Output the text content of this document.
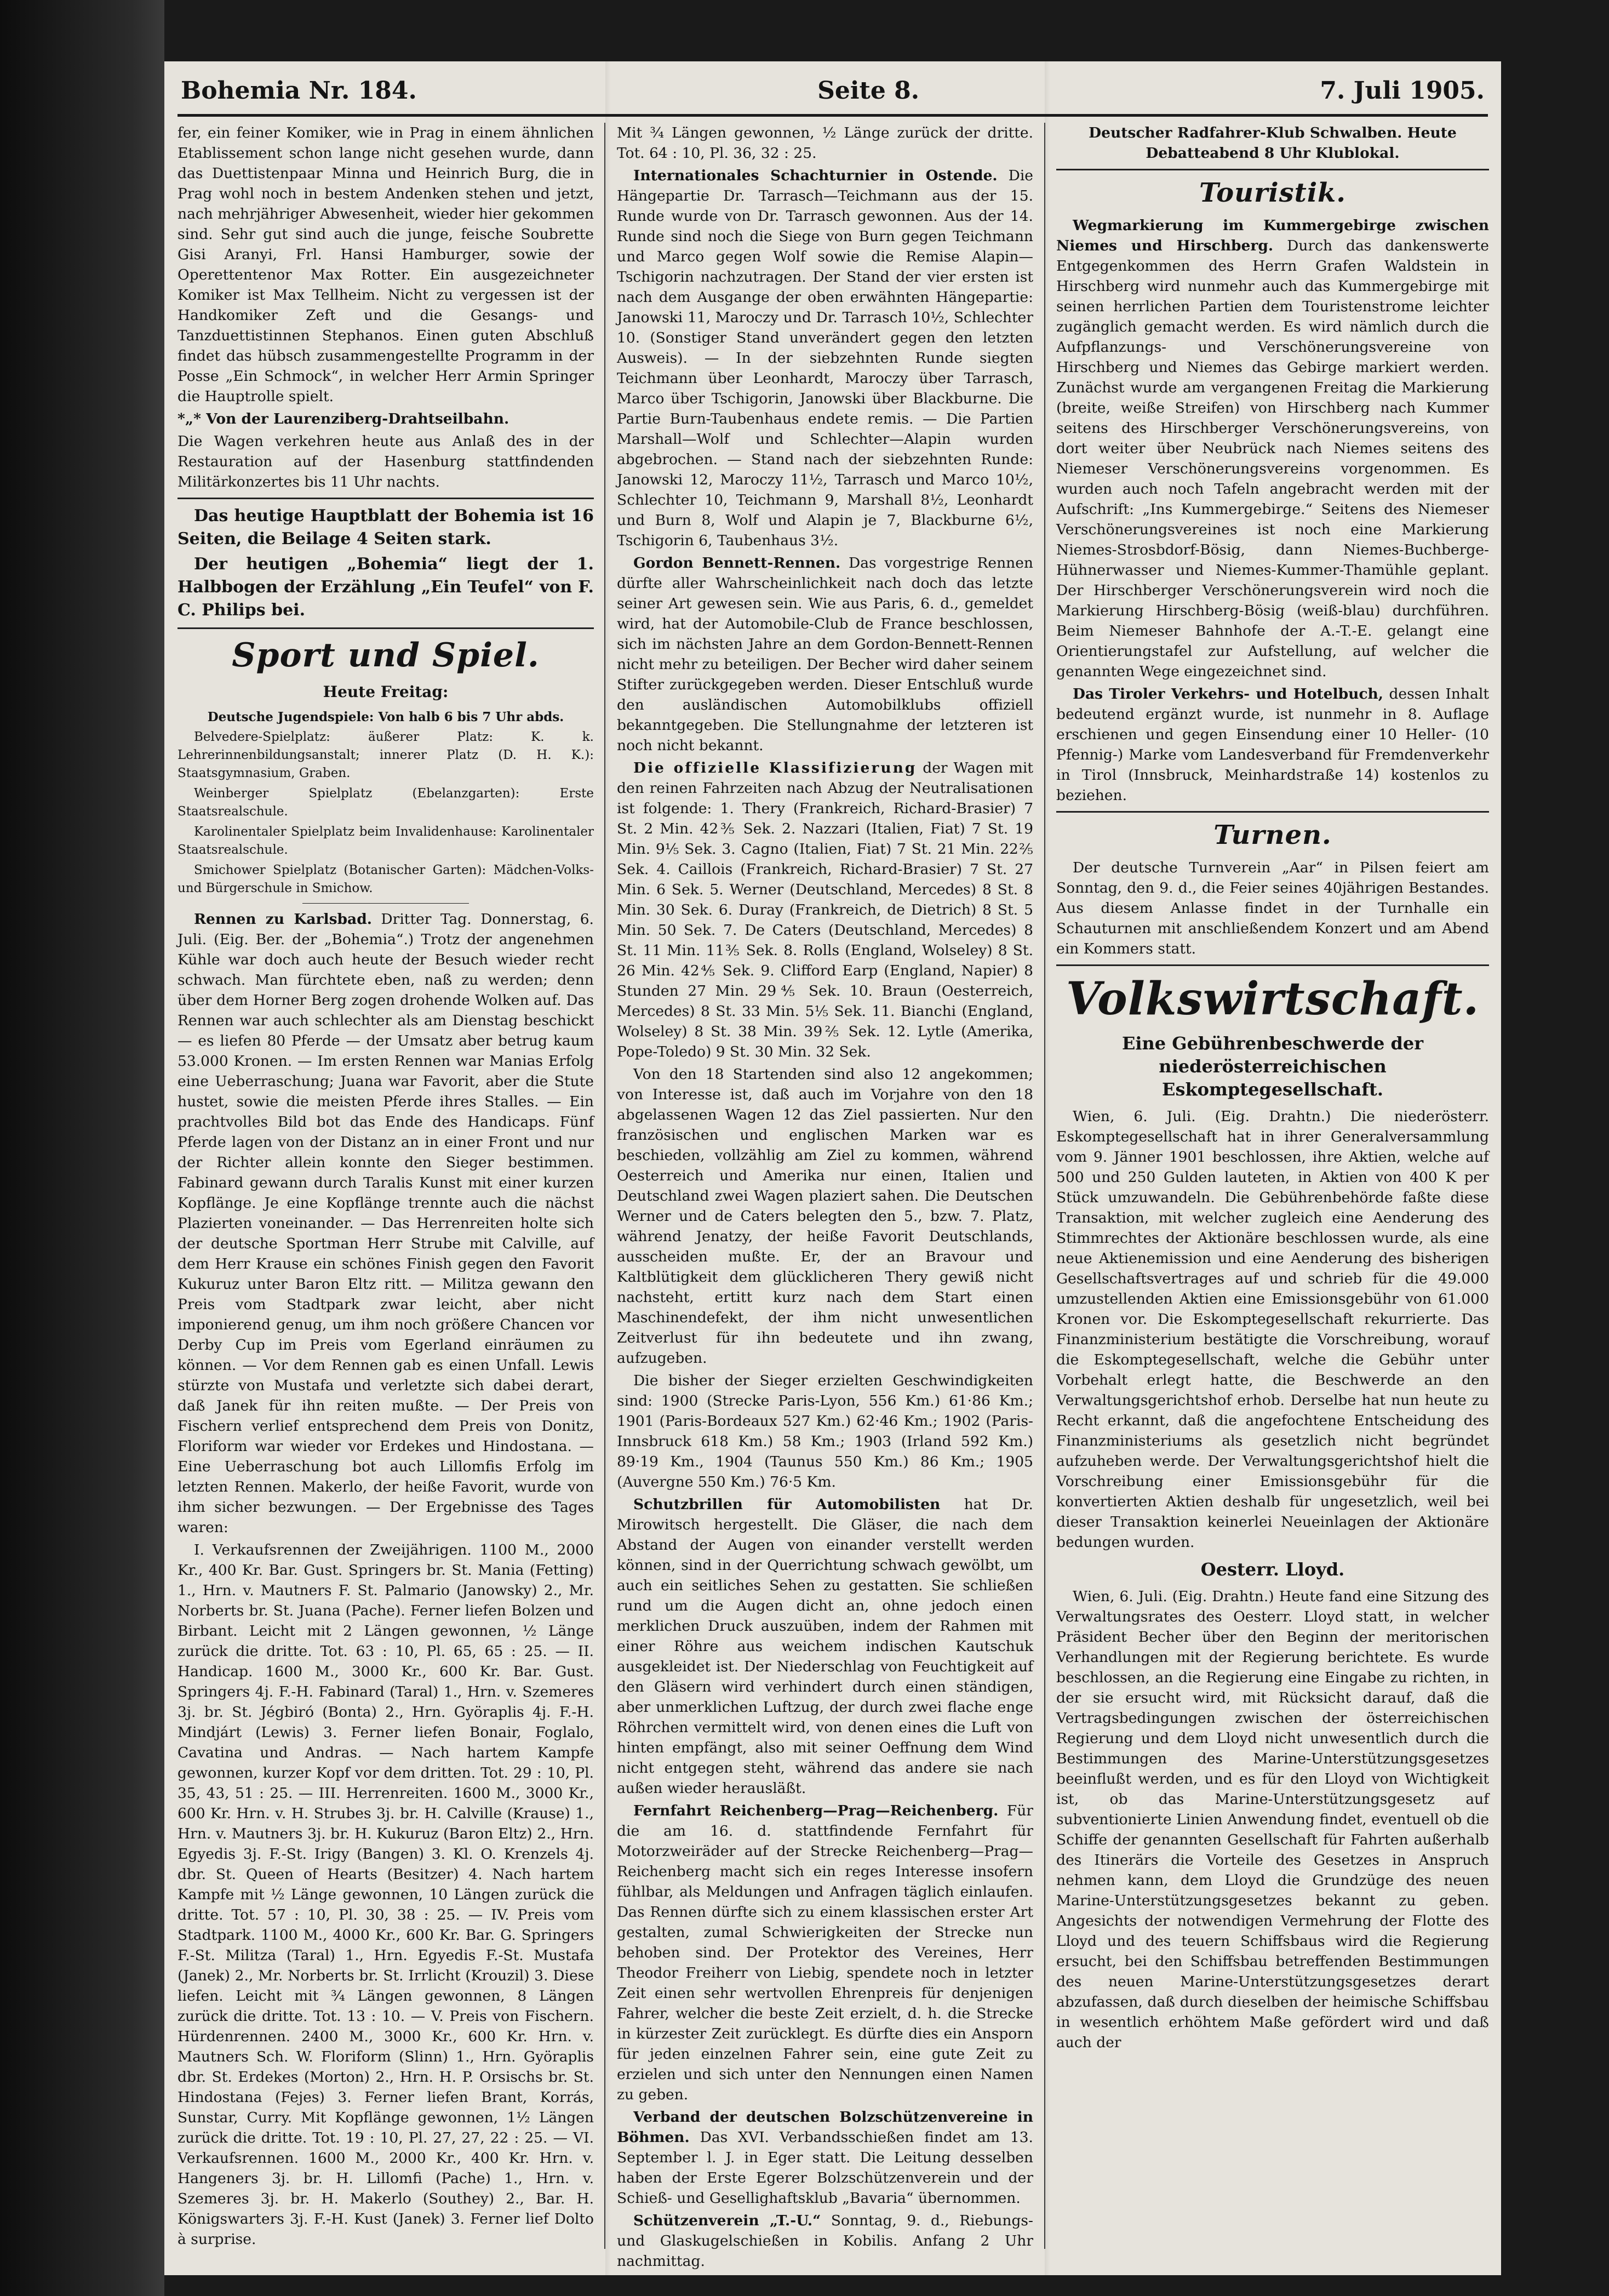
Bohemia Nr. 184.	Seite 8.	7. Juli 1905.

fer, ein feiner Komiker, wie in Prag in einem ähnlichen Etablissement schon lange nicht gesehen wurde, dann das Duettistenpaar Minna und Heinrich Burg, die in Prag wohl noch in bestem Andenken stehen und jetzt, nach mehrjähriger Abwesenheit, wieder hier gekommen sind. Sehr gut sind auch die junge, feische Soubrette Gisi Aranyi, Frl. Hansi Hamburger, sowie der Operettentenor Max Rotter. Ein ausgezeichneter Komiker ist Max Tellheim. Nicht zu vergessen ist der Handkomiker Zeft und die Gesangs- und Tanzduettistinnen Stephanos. Einen guten Abschluß findet das hübsch zusammengestellte Programm in der Posse „Ein Schmock“, in welcher Herr Armin Springer die Hauptrolle spielt.

*„* Von der Laurenziberg-Drahtseilbahn.

Die Wagen verkehren heute aus Anlaß des in der Restauration auf der Hasenburg stattfindenden Militärkonzertes bis 11 Uhr nachts.

Das heutige Hauptblatt der Bohemia ist 16 Seiten, die Beilage 4 Seiten stark.

Der heutigen „Bohemia“ liegt der 1. Halbbogen der Erzählung „Ein Teufel“ von F. C. Philips bei.

Sport und Spiel.
Heute Freitag:

Deutsche Jugendspiele: Von halb 6 bis 7 Uhr abds.

Belvedere-Spielplatz: äußerer Platz: K. k. Lehrerinnenbildungsanstalt; innerer Platz (D. H. K.): Staatsgymnasium, Graben.

Weinberger Spielplatz (Ebelanzgarten): Erste Staatsrealschule.

Karolinentaler Spielplatz beim Invalidenhause: Karolinentaler Staatsrealschule.

Smichower Spielplatz (Botanischer Garten): Mädchen-Volks- und Bürgerschule in Smichow.

Rennen zu Karlsbad. Dritter Tag. Donnerstag, 6. Juli. (Eig. Ber. der „Bohemia“.) Trotz der angenehmen Kühle war doch auch heute der Besuch wieder recht schwach. Man fürchtete eben, naß zu werden; denn über dem Horner Berg zogen drohende Wolken auf. Das Rennen war auch schlechter als am Dienstag beschickt — es liefen 80 Pferde — der Umsatz aber betrug kaum 53.000 Kronen. — Im ersten Rennen war Manias Erfolg eine Ueberraschung; Juana war Favorit, aber die Stute hustet, sowie die meisten Pferde ihres Stalles. — Ein prachtvolles Bild bot das Ende des Handicaps. Fünf Pferde lagen von der Distanz an in einer Front und nur der Richter allein konnte den Sieger bestimmen. Fabinard gewann durch Taralis Kunst mit einer kurzen Kopflänge. Je eine Kopflänge trennte auch die nächst Plazierten voneinander. — Das Herrenreiten holte sich der deutsche Sportman Herr Strube mit Calville, auf dem Herr Krause ein schönes Finish gegen den Favorit Kukuruz unter Baron Eltz ritt. — Militza gewann den Preis vom Stadtpark zwar leicht, aber nicht imponierend genug, um ihm noch größere Chancen vor Derby Cup im Preis vom Egerland einräumen zu können. — Vor dem Rennen gab es einen Unfall. Lewis stürzte von Mustafa und verletzte sich dabei derart, daß Janek für ihn reiten mußte. — Der Preis von Fischern verlief entsprechend dem Preis von Donitz, Floriform war wieder vor Erdekes und Hindostana. — Eine Ueberraschung bot auch Lillomfis Erfolg im letzten Rennen. Makerlo, der heiße Favorit, wurde von ihm sicher bezwungen. — Der Ergebnisse des Tages waren:

I. Verkaufsrennen der Zweijährigen. 1100 M., 2000 Kr., 400 Kr. Bar. Gust. Springers br. St. Mania (Fetting) 1., Hrn. v. Mautners F. St. Palmario (Janowsky) 2., Mr. Norberts br. St. Juana (Pache). Ferner liefen Bolzen und Birbant. Leicht mit 2 Längen gewonnen, ½ Länge zurück die dritte. Tot. 63 : 10, Pl. 65, 65 : 25. — II. Handicap. 1600 M., 3000 Kr., 600 Kr. Bar. Gust. Springers 4j. F.-H. Fabinard (Taral) 1., Hrn. v. Szemeres 3j. br. St. Jégbiró (Bonta) 2., Hrn. Györaplis 4j. F.-H. Mindjárt (Lewis) 3. Ferner liefen Bonair, Foglalo, Cavatina und Andras. — Nach hartem Kampfe gewonnen, kurzer Kopf vor dem dritten. Tot. 29 : 10, Pl. 35, 43, 51 : 25. — III. Herrenreiten. 1600 M., 3000 Kr., 600 Kr. Hrn. v. H. Strubes 3j. br. H. Calville (Krause) 1., Hrn. v. Mautners 3j. br. H. Kukuruz (Baron Eltz) 2., Hrn. Egyedis 3j. F.-St. Irigy (Bangen) 3. Kl. O. Krenzels 4j. dbr. St. Queen of Hearts (Besitzer) 4. Nach hartem Kampfe mit ½ Länge gewonnen, 10 Längen zurück die dritte. Tot. 57 : 10, Pl. 30, 38 : 25. — IV. Preis vom Stadtpark. 1100 M., 4000 Kr., 600 Kr. Bar. G. Springers F.-St. Militza (Taral) 1., Hrn. Egyedis F.-St. Mustafa (Janek) 2., Mr. Norberts br. St. Irrlicht (Krouzil) 3. Diese liefen. Leicht mit ¾ Längen gewonnen, 8 Längen zurück die dritte. Tot. 13 : 10. — V. Preis von Fischern. Hürdenrennen. 2400 M., 3000 Kr., 600 Kr. Hrn. v. Mautners Sch. W. Floriform (Slinn) 1., Hrn. Györaplis dbr. St. Erdekes (Morton) 2., Hrn. H. P. Orsischs br. St. Hindostana (Fejes) 3. Ferner liefen Brant, Korrás, Sunstar, Curry. Mit Kopflänge gewonnen, 1½ Längen zurück die dritte. Tot. 19 : 10, Pl. 27, 27, 22 : 25. — VI. Verkaufsrennen. 1600 M., 2000 Kr., 400 Kr. Hrn. v. Hangeners 3j. br. H. Lillomfi (Pache) 1., Hrn. v. Szemeres 3j. br. H. Makerlo (Southey) 2., Bar. H. Königswarters 3j. F.-H. Kust (Janek) 3. Ferner lief Dolto à surprise.

Mit ¾ Längen gewonnen, ½ Länge zurück der dritte. Tot. 64 : 10, Pl. 36, 32 : 25.

Internationales Schachturnier in Ostende. Die Hängepartie Dr. Tarrasch—Teichmann aus der 15. Runde wurde von Dr. Tarrasch gewonnen. Aus der 14. Runde sind noch die Siege von Burn gegen Teichmann und Marco gegen Wolf sowie die Remise Alapin—Tschigorin nachzutragen. Der Stand der vier ersten ist nach dem Ausgange der oben erwähnten Hängepartie: Janowski 11, Maroczy und Dr. Tarrasch 10½, Schlechter 10. (Sonstiger Stand unverändert gegen den letzten Ausweis). — In der siebzehnten Runde siegten Teichmann über Leonhardt, Maroczy über Tarrasch, Marco über Tschigorin, Janowski über Blackburne. Die Partie Burn-Taubenhaus endete remis. — Die Partien Marshall—Wolf und Schlechter—Alapin wurden abgebrochen. — Stand nach der siebzehnten Runde: Janowski 12, Maroczy 11½, Tarrasch und Marco 10½, Schlechter 10, Teichmann 9, Marshall 8½, Leonhardt und Burn 8, Wolf und Alapin je 7, Blackburne 6½, Tschigorin 6, Taubenhaus 3½.

Gordon Bennett-Rennen. Das vorgestrige Rennen dürfte aller Wahrscheinlichkeit nach doch das letzte seiner Art gewesen sein. Wie aus Paris, 6. d., gemeldet wird, hat der Automobile-Club de France beschlossen, sich im nächsten Jahre an dem Gordon-Bennett-Rennen nicht mehr zu beteiligen. Der Becher wird daher seinem Stifter zurückgegeben werden. Dieser Entschluß wurde den ausländischen Automobilklubs offiziell bekanntgegeben. Die Stellungnahme der letzteren ist noch nicht bekannt.

Die offizielle Klassifizierung der Wagen mit den reinen Fahrzeiten nach Abzug der Neutralisationen ist folgende: 1. Thery (Frankreich, Richard-Brasier) 7 St. 2 Min. 42⅗ Sek. 2. Nazzari (Italien, Fiat) 7 St. 19 Min. 9⅕ Sek. 3. Cagno (Italien, Fiat) 7 St. 21 Min. 22⅖ Sek. 4. Caillois (Frankreich, Richard-Brasier) 7 St. 27 Min. 6 Sek. 5. Werner (Deutschland, Mercedes) 8 St. 8 Min. 30 Sek. 6. Duray (Frankreich, de Dietrich) 8 St. 5 Min. 50 Sek. 7. De Caters (Deutschland, Mercedes) 8 St. 11 Min. 11⅗ Sek. 8. Rolls (England, Wolseley) 8 St. 26 Min. 42⅘ Sek. 9. Clifford Earp (England, Napier) 8 Stunden 27 Min. 29⅘ Sek. 10. Braun (Oesterreich, Mercedes) 8 St. 33 Min. 5⅕ Sek. 11. Bianchi (England, Wolseley) 8 St. 38 Min. 39⅖ Sek. 12. Lytle (Amerika, Pope-Toledo) 9 St. 30 Min. 32 Sek.

Von den 18 Startenden sind also 12 angekommen; von Interesse ist, daß auch im Vorjahre von den 18 abgelassenen Wagen 12 das Ziel passierten. Nur den französischen und englischen Marken war es beschieden, vollzählig am Ziel zu kommen, während Oesterreich und Amerika nur einen, Italien und Deutschland zwei Wagen plaziert sahen. Die Deutschen Werner und de Caters belegten den 5., bzw. 7. Platz, während Jenatzy, der heiße Favorit Deutschlands, ausscheiden mußte. Er, der an Bravour und Kaltblütigkeit dem glücklicheren Thery gewiß nicht nachsteht, ertitt kurz nach dem Start einen Maschinendefekt, der ihm nicht unwesentlichen Zeitverlust für ihn bedeutete und ihn zwang, aufzugeben.

Die bisher der Sieger erzielten Geschwindigkeiten sind: 1900 (Strecke Paris-Lyon, 556 Km.) 61·86 Km.; 1901 (Paris-Bordeaux 527 Km.) 62·46 Km.; 1902 (Paris-Innsbruck 618 Km.) 58 Km.; 1903 (Irland 592 Km.) 89·19 Km., 1904 (Taunus 550 Km.) 86 Km.; 1905 (Auvergne 550 Km.) 76·5 Km.

Schutzbrillen für Automobilisten hat Dr. Mirowitsch hergestellt. Die Gläser, die nach dem Abstand der Augen von einander verstellt werden können, sind in der Querrichtung schwach gewölbt, um auch ein seitliches Sehen zu gestatten. Sie schließen rund um die Augen dicht an, ohne jedoch einen merklichen Druck auszuüben, indem der Rahmen mit einer Röhre aus weichem indischen Kautschuk ausgekleidet ist. Der Niederschlag von Feuchtigkeit auf den Gläsern wird verhindert durch einen ständigen, aber unmerklichen Luftzug, der durch zwei flache enge Röhrchen vermittelt wird, von denen eines die Luft von hinten empfängt, also mit seiner Oeffnung dem Wind nicht entgegen steht, während das andere sie nach außen wieder herausläßt.

Fernfahrt Reichenberg—Prag—Reichenberg. Für die am 16. d. stattfindende Fernfahrt für Motorzweiräder auf der Strecke Reichenberg—Prag—Reichenberg macht sich ein reges Interesse insofern fühlbar, als Meldungen und Anfragen täglich einlaufen. Das Rennen dürfte sich zu einem klassischen erster Art gestalten, zumal Schwierigkeiten der Strecke nun behoben sind. Der Protektor des Vereines, Herr Theodor Freiherr von Liebig, spendete noch in letzter Zeit einen sehr wertvollen Ehrenpreis für denjenigen Fahrer, welcher die beste Zeit erzielt, d. h. die Strecke in kürzester Zeit zurücklegt. Es dürfte dies ein Ansporn für jeden einzelnen Fahrer sein, eine gute Zeit zu erzielen und sich unter den Nennungen einen Namen zu geben.

Verband der deutschen Bolzschützenvereine in Böhmen. Das XVI. Verbandsschießen findet am 13. September l. J. in Eger statt. Die Leitung desselben haben der Erste Egerer Bolzschützenverein und der Schieß- und Gesellighaftsklub „Bavaria“ übernommen.

Schützenverein „T.-U.“ Sonntag, 9. d., Riebungs- und Glaskugelschießen in Kobilis. Anfang 2 Uhr nachmittag.

Deutscher Radfahrer-Klub Schwalben. Heute Debatteabend 8 Uhr Klublokal.

Touristik.

Wegmarkierung im Kummergebirge zwischen Niemes und Hirschberg. Durch das dankenswerte Entgegenkommen des Herrn Grafen Waldstein in Hirschberg wird nunmehr auch das Kummergebirge mit seinen herrlichen Partien dem Touristenstrome leichter zugänglich gemacht werden. Es wird nämlich durch die Aufpflanzungs- und Verschönerungsvereine von Hirschberg und Niemes das Gebirge markiert werden. Zunächst wurde am vergangenen Freitag die Markierung (breite, weiße Streifen) von Hirschberg nach Kummer seitens des Hirschberger Verschönerungsvereins, von dort weiter über Neubrück nach Niemes seitens des Niemeser Verschönerungsvereins vorgenommen. Es wurden auch noch Tafeln angebracht werden mit der Aufschrift: „Ins Kummergebirge.“ Seitens des Niemeser Verschönerungsvereines ist noch eine Markierung Niemes-Strosbdorf-Bösig, dann Niemes-Buchberge-Hühnerwasser und Niemes-Kummer-Thamühle geplant. Der Hirschberger Verschönerungsverein wird noch die Markierung Hirschberg-Bösig (weiß-blau) durchführen. Beim Niemeser Bahnhofe der A.-T.-E. gelangt eine Orientierungstafel zur Aufstellung, auf welcher die genannten Wege eingezeichnet sind.

Das Tiroler Verkehrs- und Hotelbuch, dessen Inhalt bedeutend ergänzt wurde, ist nunmehr in 8. Auflage erschienen und gegen Einsendung einer 10 Heller- (10 Pfennig-) Marke vom Landesverband für Fremdenverkehr in Tirol (Innsbruck, Meinhardstraße 14) kostenlos zu beziehen.

Turnen.

Der deutsche Turnverein „Aar“ in Pilsen feiert am Sonntag, den 9. d., die Feier seines 40jährigen Bestandes. Aus diesem Anlasse findet in der Turnhalle ein Schauturnen mit anschließendem Konzert und am Abend ein Kommers statt.

Volkswirtschaft.
Eine Gebührenbeschwerde der niederösterreichischen Eskomptegesellschaft.

Wien, 6. Juli. (Eig. Drahtn.) Die niederösterr. Eskomptegesellschaft hat in ihrer Generalversammlung vom 9. Jänner 1901 beschlossen, ihre Aktien, welche auf 500 und 250 Gulden lauteten, in Aktien von 400 K per Stück umzuwandeln. Die Gebührenbehörde faßte diese Transaktion, mit welcher zugleich eine Aenderung des Stimmrechtes der Aktionäre beschlossen wurde, als eine neue Aktienemission und eine Aenderung des bisherigen Gesellschaftsvertrages auf und schrieb für die 49.000 umzustellenden Aktien eine Emissionsgebühr von 61.000 Kronen vor. Die Eskomptegesellschaft rekurrierte. Das Finanzministerium bestätigte die Vorschreibung, worauf die Eskomptegesellschaft, welche die Gebühr unter Vorbehalt erlegt hatte, die Beschwerde an den Verwaltungsgerichtshof erhob. Derselbe hat nun heute zu Recht erkannt, daß die angefochtene Entscheidung des Finanzministeriums als gesetzlich nicht begründet aufzuheben werde. Der Verwaltungsgerichtshof hielt die Vorschreibung einer Emissionsgebühr für die konvertierten Aktien deshalb für ungesetzlich, weil bei dieser Transaktion keinerlei Neueinlagen der Aktionäre bedungen wurden.

Oesterr. Lloyd.

Wien, 6. Juli. (Eig. Drahtn.) Heute fand eine Sitzung des Verwaltungsrates des Oesterr. Lloyd statt, in welcher Präsident Becher über den Beginn der meritorischen Verhandlungen mit der Regierung berichtete. Es wurde beschlossen, an die Regierung eine Eingabe zu richten, in der sie ersucht wird, mit Rücksicht darauf, daß die Vertragsbedingungen zwischen der österreichischen Regierung und dem Lloyd nicht unwesentlich durch die Bestimmungen des Marine-Unterstützungsgesetzes beeinflußt werden, und es für den Lloyd von Wichtigkeit ist, ob das Marine-Unterstützungsgesetz auf subventionierte Linien Anwendung findet, eventuell ob die Schiffe der genannten Gesellschaft für Fahrten außerhalb des Itinerärs die Vorteile des Gesetzes in Anspruch nehmen kann, dem Lloyd die Grundzüge des neuen Marine-Unterstützungsgesetzes bekannt zu geben. Angesichts der notwendigen Vermehrung der Flotte des Lloyd und des teuern Schiffsbaus wird die Regierung ersucht, bei den Schiffsbau betreffenden Bestimmungen des neuen Marine-Unterstützungsgesetzes derart abzufassen, daß durch dieselben der heimische Schiffsbau in wesentlich erhöhtem Maße gefördert wird und daß auch der
